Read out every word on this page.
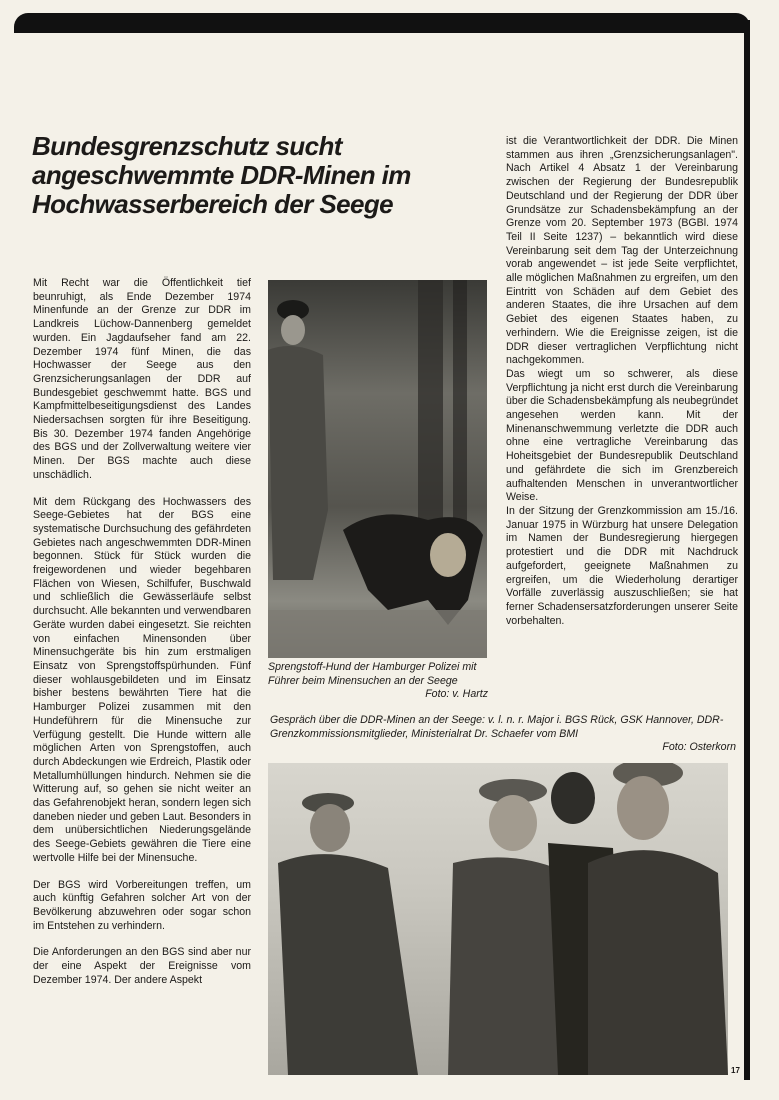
Bundesgrenzschutz sucht angeschwemmte DDR-Minen im Hochwasserbereich der Seege

Mit Recht war die Öffentlichkeit tief beunruhigt, als Ende Dezember 1974 Minenfunde an der Grenze zur DDR im Landkreis Lüchow-Dannenberg gemeldet wurden. Ein Jagdaufseher fand am 22. Dezember 1974 fünf Minen, die das Hochwasser der Seege aus den Grenzsicherungsanlagen der DDR auf Bundesgebiet geschwemmt hatte. BGS und Kampfmittelbeseitigungsdienst des Landes Niedersachsen sorgten für ihre Beseitigung. Bis 30. Dezember 1974 fanden Angehörige des BGS und der Zollverwaltung weitere vier Minen. Der BGS machte auch diese unschädlich.

Mit dem Rückgang des Hochwassers des Seege-Gebietes hat der BGS eine systematische Durchsuchung des gefährdeten Gebietes nach angeschwemmten DDR-Minen begonnen. Stück für Stück wurden die freigewordenen und wieder begehbaren Flächen von Wiesen, Schilfufer, Buschwald und schließlich die Gewässerläufe selbst durchsucht. Alle bekannten und verwendbaren Geräte wurden dabei eingesetzt. Sie reichten von einfachen Minensonden über Minensuchgeräte bis hin zum erstmaligen Einsatz von Sprengstoffspürhunden. Fünf dieser wohlausgebildeten und im Einsatz bisher bestens bewährten Tiere hat die Hamburger Polizei zusammen mit den Hundeführern für die Minensuche zur Verfügung gestellt. Die Hunde wittern alle möglichen Arten von Sprengstoffen, auch durch Abdeckungen wie Erdreich, Plastik oder Metallumhüllungen hindurch. Nehmen sie die Witterung auf, so gehen sie nicht weiter an das Gefahrenobjekt heran, sondern legen sich daneben nieder und geben Laut. Besonders in dem unübersichtlichen Niederungsgelände des Seege-Gebiets gewähren die Tiere eine wertvolle Hilfe bei der Minensuche.

Der BGS wird Vorbereitungen treffen, um auch künftig Gefahren solcher Art von der Bevölkerung abzuwehren oder sogar schon im Entstehen zu verhindern.

Die Anforderungen an den BGS sind aber nur der eine Aspekt der Ereignisse vom Dezember 1974. Der andere Aspekt

Sprengstoff-Hund der Hamburger Polizei mit Führer beim Minensuchen an der Seege
Foto: v. Hartz

ist die Verantwortlichkeit der DDR. Die Minen stammen aus ihren „Grenzsicherungsanlagen". Nach Artikel 4 Absatz 1 der Vereinbarung zwischen der Regierung der Bundesrepublik Deutschland und der Regierung der DDR über Grundsätze zur Schadensbekämpfung an der Grenze vom 20. September 1973 (BGBl. 1974 Teil II Seite 1237) – bekanntlich wird diese Vereinbarung seit dem Tag der Unterzeichnung vorab angewendet – ist jede Seite verpflichtet, alle möglichen Maßnahmen zu ergreifen, um den Eintritt von Schäden auf dem Gebiet des anderen Staates, die ihre Ursachen auf dem Gebiet des eigenen Staates haben, zu verhindern. Wie die Ereignisse zeigen, ist die DDR dieser vertraglichen Verpflichtung nicht nachgekommen.

Das wiegt um so schwerer, als diese Verpflichtung ja nicht erst durch die Vereinbarung über die Schadensbekämpfung als neubegründet angesehen werden kann. Mit der Minenanschwemmung verletzte die DDR auch ohne eine vertragliche Vereinbarung das Hoheitsgebiet der Bundesrepublik Deutschland und gefährdete die sich im Grenzbereich aufhaltenden Menschen in unverantwortlicher Weise.

In der Sitzung der Grenzkommission am 15./16. Januar 1975 in Würzburg hat unsere Delegation im Namen der Bundesregierung hiergegen protestiert und die DDR mit Nachdruck aufgefordert, geeignete Maßnahmen zu ergreifen, um die Wiederholung derartiger Vorfälle zuverlässig auszuschließen; sie hat ferner Schadensersatzforderungen unserer Seite vorbehalten.

Gespräch über die DDR-Minen an der Seege: v. l. n. r. Major i. BGS Rück, GSK Hannover, DDR-Grenzkommissionsmitglieder, Ministerialrat Dr. Schaefer vom BMI

Foto: Osterkorn
17
